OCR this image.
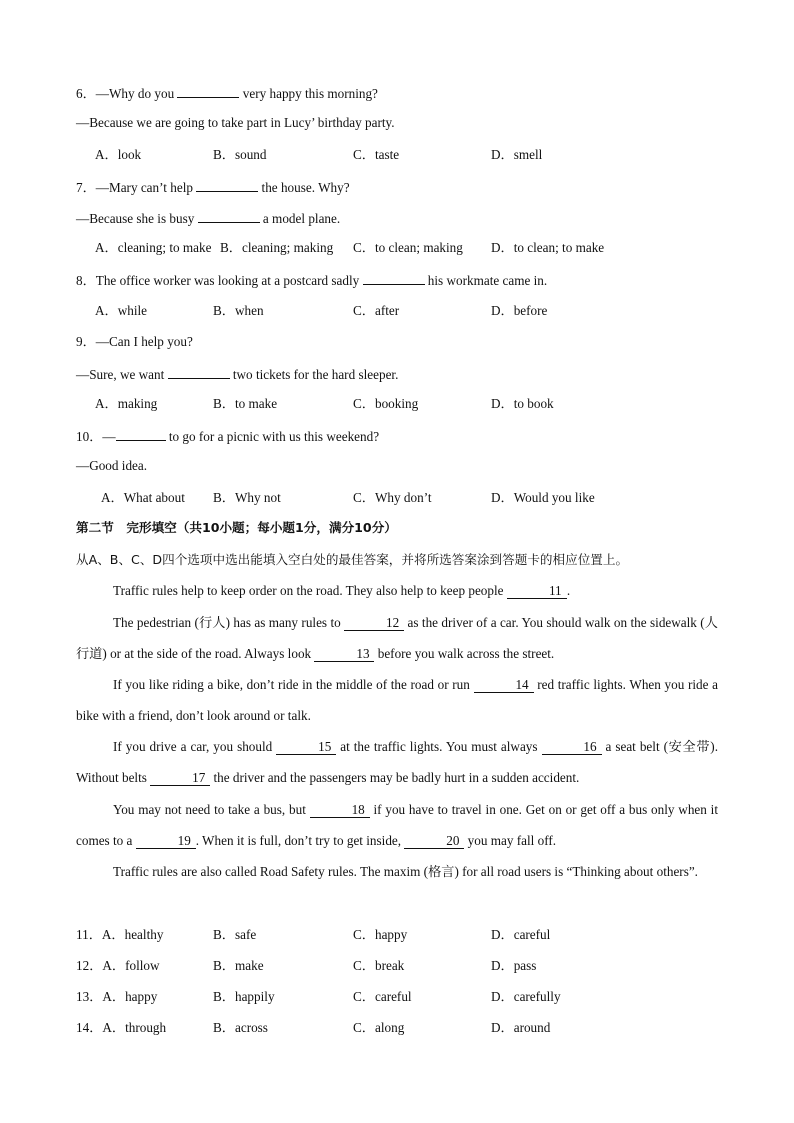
6．—Why do you	very happy this morning?
—Because we are going to take part in Lucy’ birthday party.
A．look	B．sound	C．taste	D．smell
7．—Mary can’t help	the house. Why?
—Because she is busy	a model plane.
A．cleaning; to make B．cleaning; making C．to clean; making D．to clean; to make
8．The office worker was looking at a postcard sadly	his workmate came in.
A．while	B．when	C．after	D．before
9．—Can I help you?
—Sure, we want	two tickets for the hard sleeper.
A．making	B．to make	C．booking	D．to book
10．—	to go for a picnic with us this weekend?
—Good idea.
A．What about B．Why not	C．Why don’t	D．Would you like
第二节　完形填空（共10小题；每小题1分，满分10分）
从A、B、C、D四个选项中选出能填入空白处的最佳答案，并将所选答案涂到答题卡的相应位置上。
Traffic rules help to keep order on the road. They also help to keep people	11 .
The pedestrian (行人) has as many rules to	12 as the driver of a car. You should walk on the sidewalk (人行道) or at the side of the road. Always look	13 before you walk across the street.
If you like riding a bike, don’t ride in the middle of the road or run	14 red traffic lights. When you ride a bike with a friend, don’t look around or talk.
If you drive a car, you should	15 at the traffic lights. You must always	16 a seat belt (安全带). Without belts	17 the driver and the passengers may be badly hurt in a sudden accident.
You may not need to take a bus, but	18 if you have to travel in one. Get on or get off a bus only when it comes to a	19 . When it is full, don’t try to get inside,	20 you may fall off.
Traffic rules are also called Road Safety rules. The maxim (格言) for all road users is “Thinking about others”.
11．A．healthy	B．safe	C．happy	D．careful
12．A．follow	B．make	C．break	D．pass
13．A．happy	B．happily	C．careful	D．carefully
14．A．through	B．across	C．along	D．around
